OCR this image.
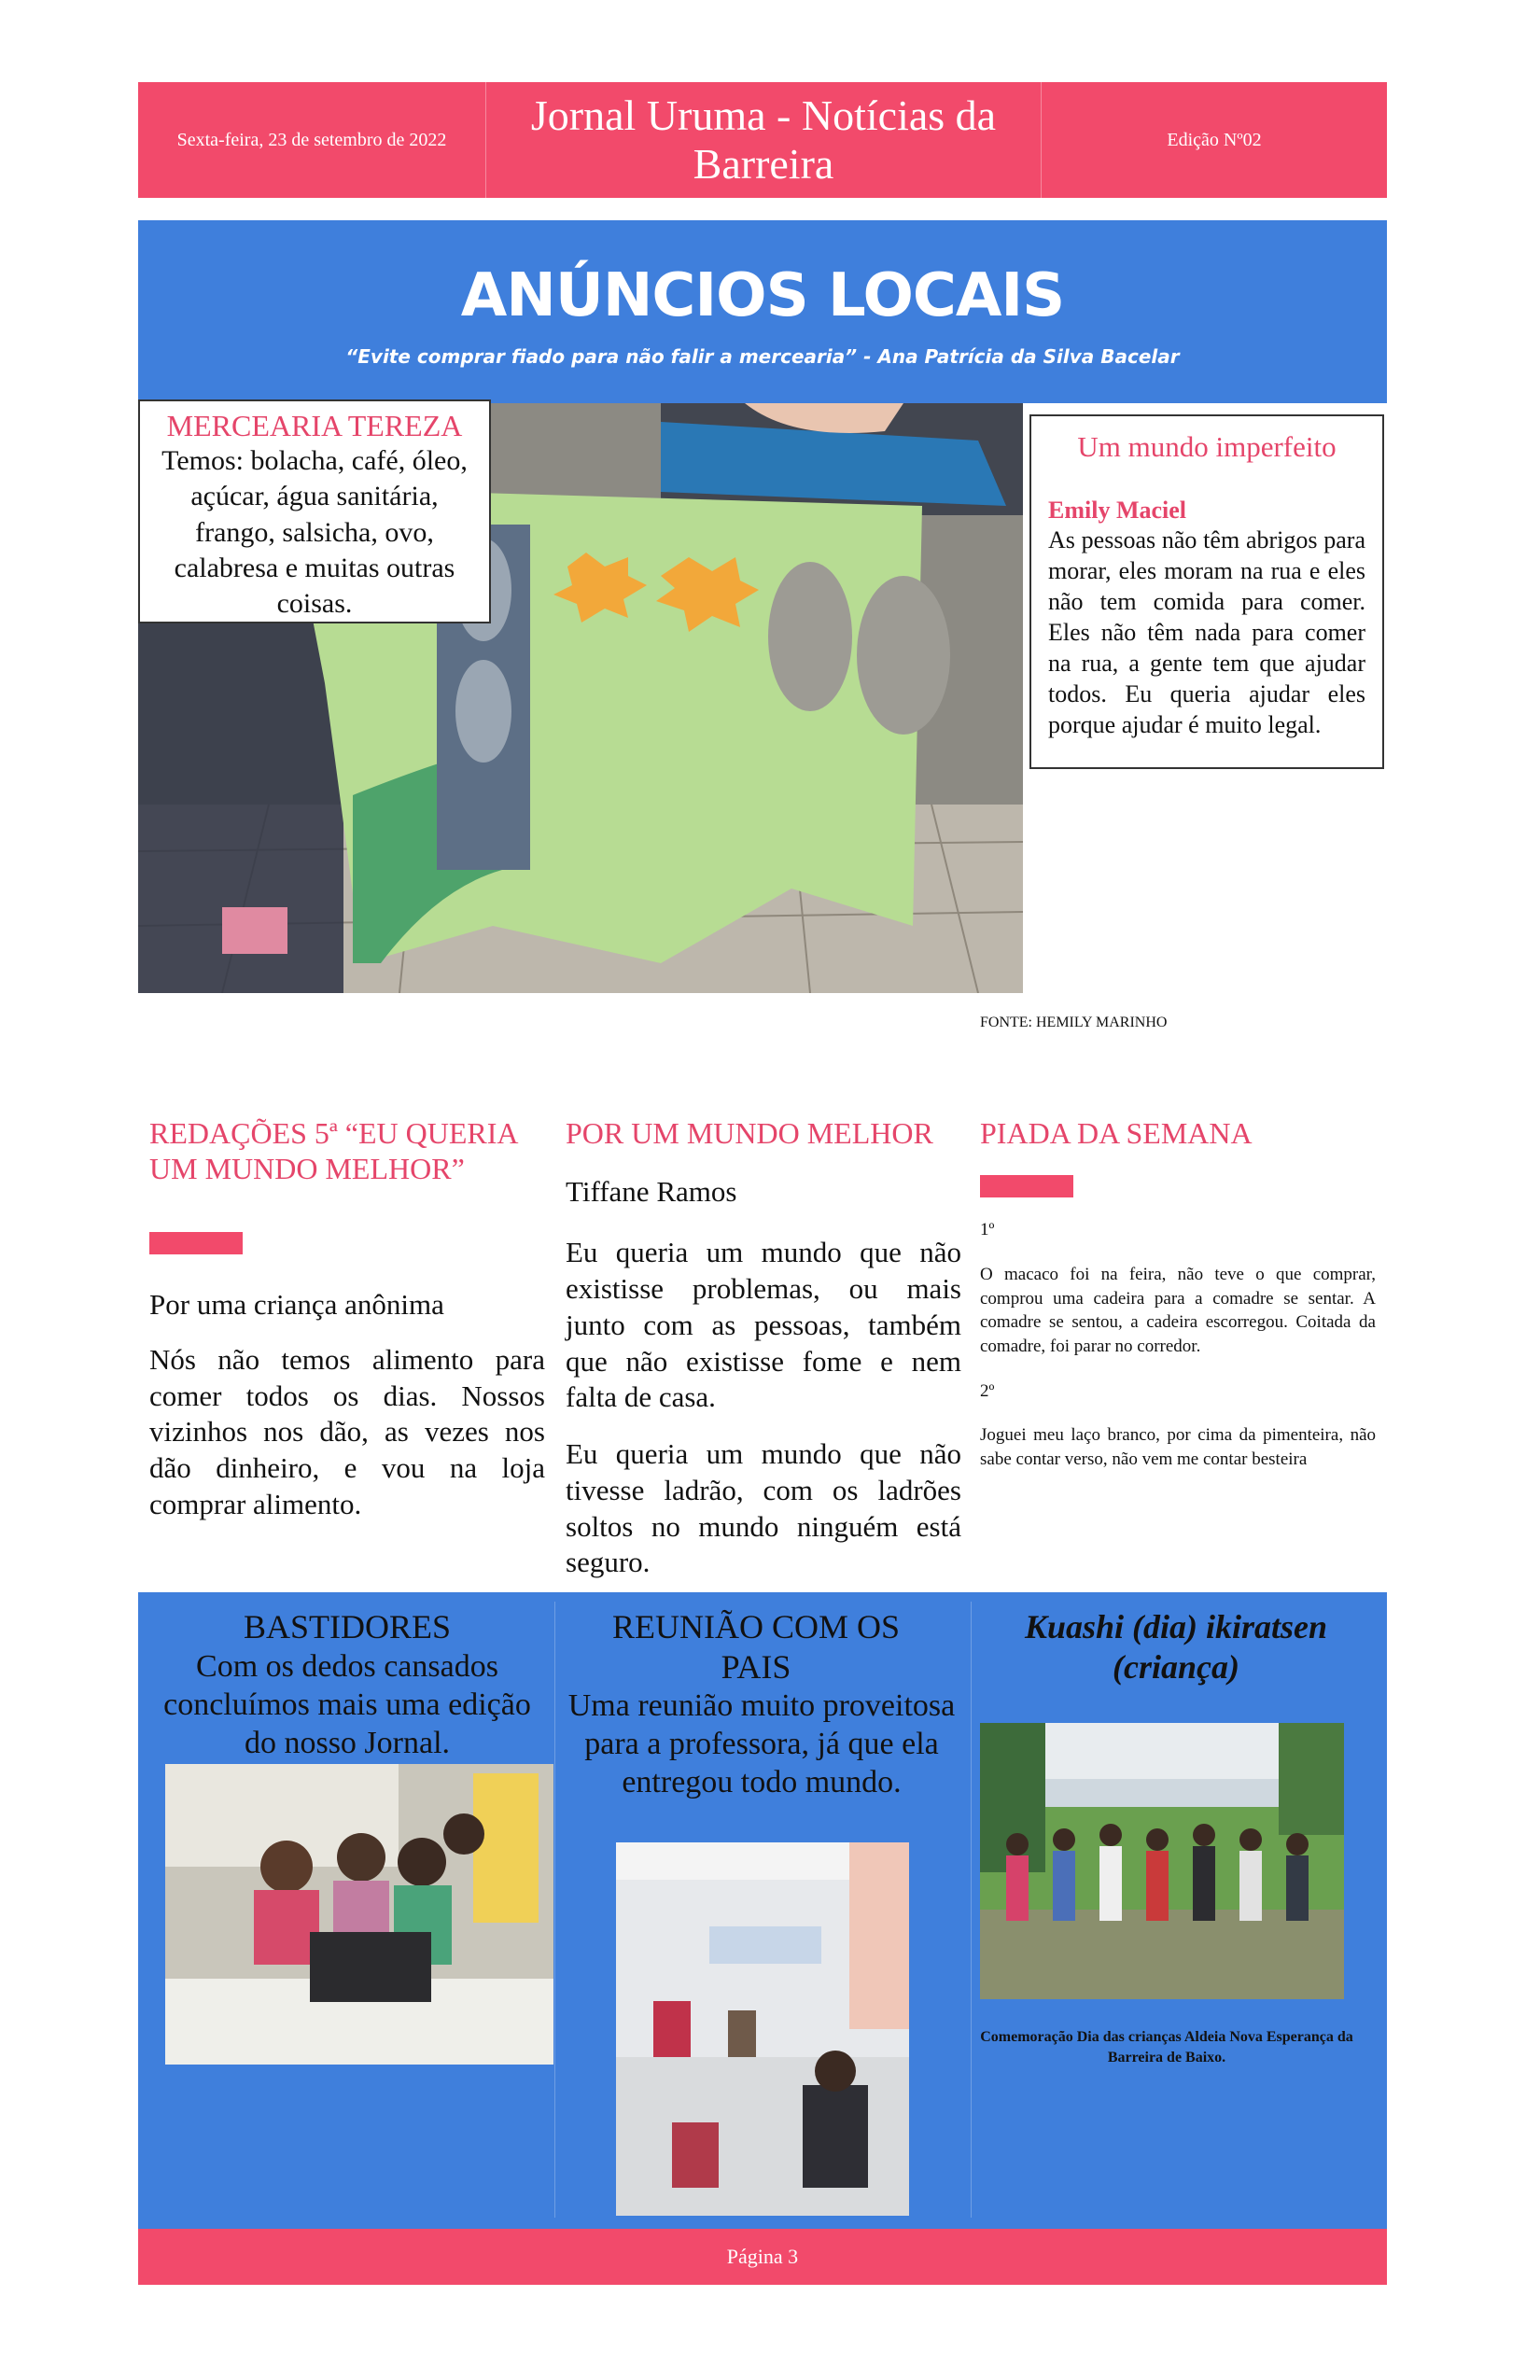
Sexta-feira, 23 de setembro de 2022
Jornal Uruma - Notícias da Barreira
Edição Nº02
ANÚNCIOS LOCAIS
“Evite comprar fiado para não falir a mercearia” - Ana Patrícia da Silva Bacelar
MERCEARIA TEREZA
Temos: bolacha, café, óleo, açúcar, água sanitária, frango, salsicha, ovo, calabresa e muitas outras coisas.
Um mundo imperfeito
Emily Maciel
As pessoas não têm abrigos para morar, eles moram na rua e eles não tem comida para comer. Eles não têm nada para comer na rua, a gente tem que ajudar todos. Eu queria ajudar eles porque ajudar é muito legal.
FONTE: HEMILY MARINHO
REDAÇÕES 5ª “EU QUERIA UM MUNDO MELHOR”
Por uma criança anônima
Nós não temos alimento para comer todos os dias. Nossos vizinhos nos dão, as vezes nos dão dinheiro, e vou na loja comprar alimento.
POR UM MUNDO MELHOR
Tiffane Ramos
Eu queria um mundo que não existisse problemas, ou mais junto com as pessoas, também que não existisse fome e nem falta de casa.
Eu queria um mundo que não tivesse ladrão, com os ladrões soltos no mundo ninguém está seguro.
PIADA DA SEMANA
1º
O macaco foi na feira, não teve o que comprar, comprou uma cadeira para a comadre se sentar. A comadre se sentou, a cadeira escorregou. Coitada da comadre, foi parar no corredor.
2º
Joguei meu laço branco, por cima da pimenteira, não sabe contar verso, não vem me contar besteira
BASTIDORES
Com os dedos cansados concluímos mais uma edição do nosso Jornal.
REUNIÃO COM OS PAIS
Uma reunião muito proveitosa para a professora, já que ela entregou todo mundo.
Kuashi (dia) ikiratsen (criança)
Comemoração Dia das crianças Aldeia Nova Esperança da Barreira de Baixo.
Página 3
